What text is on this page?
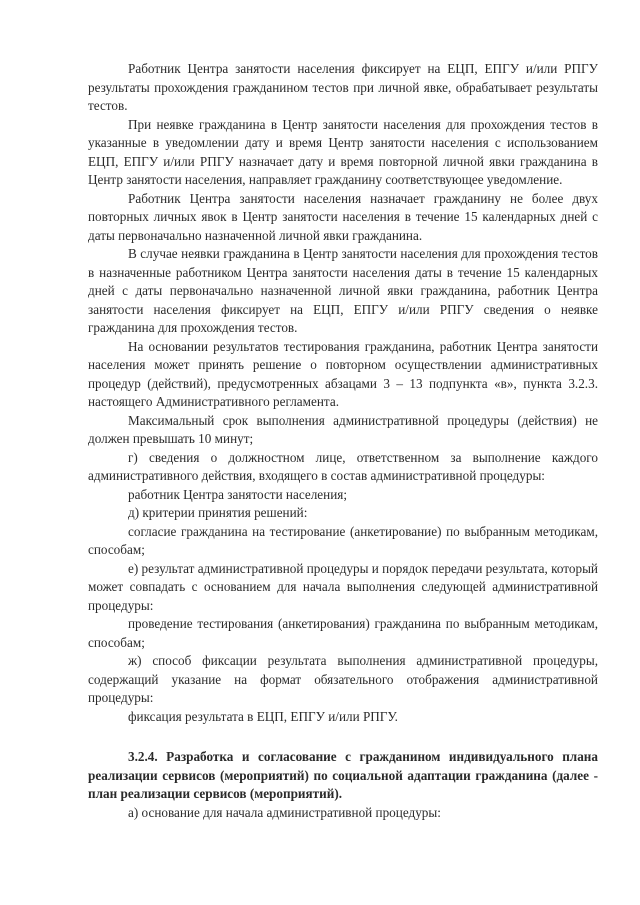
Работник Центра занятости населения фиксирует на ЕЦП, ЕПГУ и/или РПГУ результаты прохождения гражданином тестов при личной явке, обрабатывает результаты тестов.

При неявке гражданина в Центр занятости населения для прохождения тестов в указанные в уведомлении дату и время Центр занятости населения с использованием ЕЦП, ЕПГУ и/или РПГУ назначает дату и время повторной личной явки гражданина в Центр занятости населения, направляет гражданину соответствующее уведомление.

Работник Центра занятости населения назначает гражданину не более двух повторных личных явок в Центр занятости населения в течение 15 календарных дней с даты первоначально назначенной личной явки гражданина.

В случае неявки гражданина в Центр занятости населения для прохождения тестов в назначенные работником Центра занятости населения даты в течение 15 календарных дней с даты первоначально назначенной личной явки гражданина, работник Центра занятости населения фиксирует на ЕЦП, ЕПГУ и/или РПГУ сведения о неявке гражданина для прохождения тестов.

На основании результатов тестирования гражданина, работник Центра занятости населения может принять решение о повторном осуществлении административных процедур (действий), предусмотренных абзацами 3 – 13 подпункта «в», пункта 3.2.3. настоящего Административного регламента.

Максимальный срок выполнения административной процедуры (действия) не должен превышать 10 минут;

г) сведения о должностном лице, ответственном за выполнение каждого административного действия, входящего в состав административной процедуры:

работник Центра занятости населения;

д) критерии принятия решений:

согласие гражданина на тестирование (анкетирование) по выбранным методикам, способам;

е) результат административной процедуры и порядок передачи результата, который может совпадать с основанием для начала выполнения следующей административной процедуры:

проведение тестирования (анкетирования) гражданина по выбранным методикам, способам;

ж) способ фиксации результата выполнения административной процедуры, содержащий указание на формат обязательного отображения административной процедуры:

фиксация результата в ЕЦП, ЕПГУ и/или РПГУ.

3.2.4. Разработка и согласование с гражданином индивидуального плана реализации сервисов (мероприятий) по социальной адаптации гражданина (далее - план реализации сервисов (мероприятий).

а) основание для начала административной процедуры:
